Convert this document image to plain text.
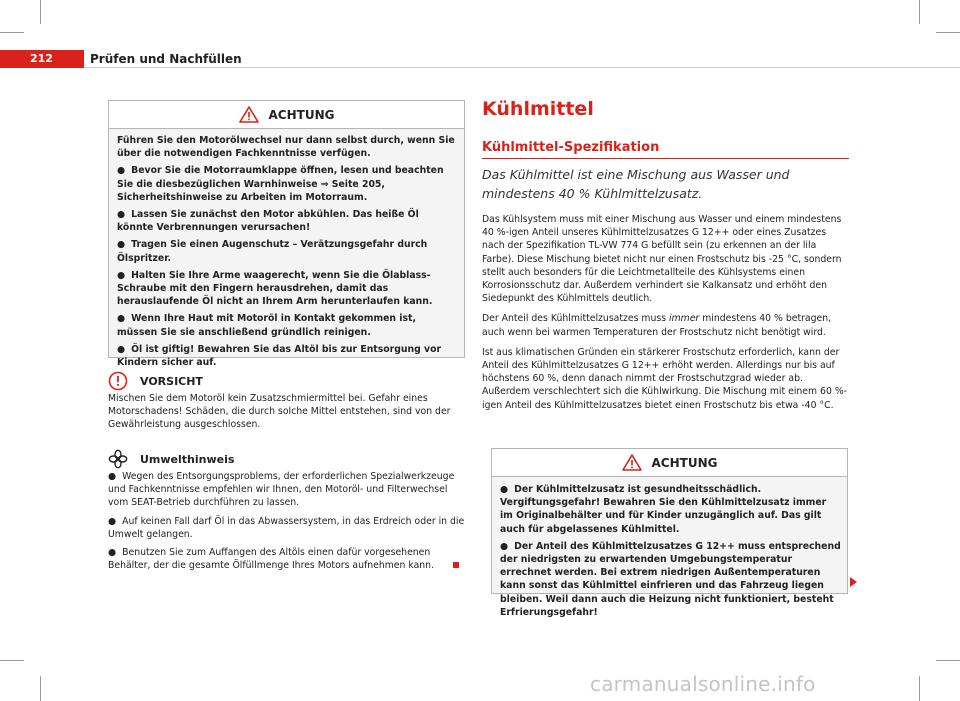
212	Prüfen und Nachfüllen
ACHTUNG

Führen Sie den Motorölwechsel nur dann selbst durch, wenn Sie über die notwendigen Fachkenntnisse verfügen.

● Bevor Sie die Motorraumklappe öffnen, lesen und beachten Sie die diesbezüglichen Warnhinweise ⇒ Seite 205, Sicherheitshinweise zu Arbeiten im Motorraum.

● Lassen Sie zunächst den Motor abkühlen. Das heiße Öl könnte Verbrennungen verursachen!

● Tragen Sie einen Augenschutz – Verätzungsgefahr durch Ölspritzer.

● Halten Sie Ihre Arme waagerecht, wenn Sie die Ölablass-Schraube mit den Fingern herausdrehen, damit das herauslaufende Öl nicht an Ihrem Arm herunterlaufen kann.

● Wenn Ihre Haut mit Motoröl in Kontakt gekommen ist, müssen Sie sie anschließend gründlich reinigen.

● Öl ist giftig! Bewahren Sie das Altöl bis zur Entsorgung vor Kindern sicher auf.

VORSICHT

Mischen Sie dem Motoröl kein Zusatzschmiermittel bei. Gefahr eines Motorschadens! Schäden, die durch solche Mittel entstehen, sind von der Gewährleistung ausgeschlossen.

Umwelthinweis

● Wegen des Entsorgungsproblems, der erforderlichen Spezialwerkzeuge und Fachkenntnisse empfehlen wir Ihnen, den Motoröl- und Filterwechsel vom SEAT-Betrieb durchführen zu lassen.

● Auf keinen Fall darf Öl in das Abwassersystem, in das Erdreich oder in die Umwelt gelangen.

● Benutzen Sie zum Auffangen des Altöls einen dafür vorgesehenen Behälter, der die gesamte Ölfüllmenge Ihres Motors aufnehmen kann.

Kühlmittel
Kühlmittel-Spezifikation
Das Kühlmittel ist eine Mischung aus Wasser und mindestens 40 % Kühlmittelzusatz.

Das Kühlsystem muss mit einer Mischung aus Wasser und einem mindestens 40 %-igen Anteil unseres Kühlmittelzusatzes G 12++ oder eines Zusatzes nach der Spezifikation TL-VW 774 G befüllt sein (zu erkennen an der lila Farbe). Diese Mischung bietet nicht nur einen Frostschutz bis -25 °C, sondern stellt auch besonders für die Leichtmetallteile des Kühlsystems einen Korrosionsschutz dar. Außerdem verhindert sie Kalkansatz und erhöht den Siedepunkt des Kühlmittels deutlich.

Der Anteil des Kühlmittelzusatzes muss immer mindestens 40 % betragen, auch wenn bei warmen Temperaturen der Frostschutz nicht benötigt wird.

Ist aus klimatischen Gründen ein stärkerer Frostschutz erforderlich, kann der Anteil des Kühlmittelzusatzes G 12++ erhöht werden. Allerdings nur bis auf höchstens 60 %, denn danach nimmt der Frostschutzgrad wieder ab. Außerdem verschlechtert sich die Kühlwirkung. Die Mischung mit einem 60 %-igen Anteil des Kühlmittelzusatzes bietet einen Frostschutz bis etwa -40 °C.

ACHTUNG

● Der Kühlmittelzusatz ist gesundheitsschädlich. Vergiftungsgefahr! Bewahren Sie den Kühlmittelzusatz immer im Originalbehälter und für Kinder unzugänglich auf. Das gilt auch für abgelassenes Kühlmittel.

● Der Anteil des Kühlmittelzusatzes G 12++ muss entsprechend der niedrigsten zu erwartenden Umgebungstemperatur errechnet werden. Bei extrem niedrigen Außentemperaturen kann sonst das Kühlmittel einfrieren und das Fahrzeug liegen bleiben. Weil dann auch die Heizung nicht funktioniert, besteht Erfrierungsgefahr!

carmanualsonline.info
